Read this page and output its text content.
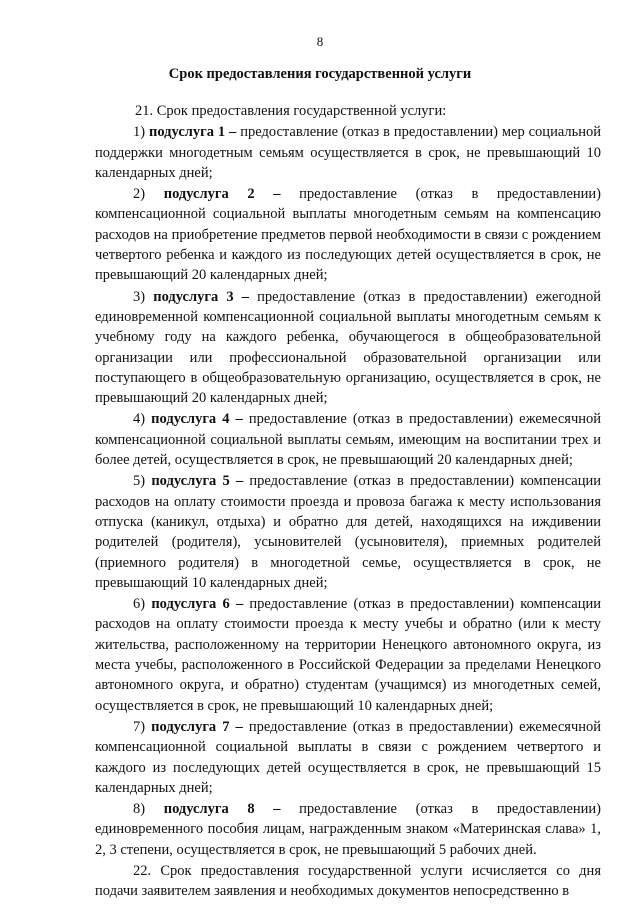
8
Срок предоставления государственной услуги

21. Срок предоставления государственной услуги:

1) подуслуга 1 – предоставление (отказ в предоставлении) мер социальной поддержки многодетным семьям осуществляется в срок, не превышающий 10 календарных дней;

2) подуслуга 2 – предоставление (отказ в предоставлении) компенсационной социальной выплаты многодетным семьям на компенсацию расходов на приобретение предметов первой необходимости в связи с рождением четвертого ребенка и каждого из последующих детей осуществляется в срок, не превышающий 20 календарных дней;

3) подуслуга 3 – предоставление (отказ в предоставлении) ежегодной единовременной компенсационной социальной выплаты многодетным семьям к учебному году на каждого ребенка, обучающегося в общеобразовательной организации или профессиональной образовательной организации или поступающего в общеобразовательную организацию, осуществляется в срок, не превышающий 20 календарных дней;

4) подуслуга 4 – предоставление (отказ в предоставлении) ежемесячной компенсационной социальной выплаты семьям, имеющим на воспитании трех и более детей, осуществляется в срок, не превышающий 20 календарных дней;

5) подуслуга 5 – предоставление (отказ в предоставлении) компенсации расходов на оплату стоимости проезда и провоза багажа к месту использования отпуска (каникул, отдыха) и обратно для детей, находящихся на иждивении родителей (родителя), усыновителей (усыновителя), приемных родителей (приемного родителя) в многодетной семье, осуществляется в срок, не превышающий 10 календарных дней;

6) подуслуга 6 – предоставление (отказ в предоставлении) компенсации расходов на оплату стоимости проезда к месту учебы и обратно (или к месту жительства, расположенному на территории Ненецкого автономного округа, из места учебы, расположенного в Российской Федерации за пределами Ненецкого автономного округа, и обратно) студентам (учащимся) из многодетных семей, осуществляется в срок, не превышающий 10 календарных дней;

7) подуслуга 7 – предоставление (отказ в предоставлении) ежемесячной компенсационной социальной выплаты в связи с рождением четвертого и каждого из последующих детей осуществляется в срок, не превышающий 15 календарных дней;

8) подуслуга 8 – предоставление (отказ в предоставлении) единовременного пособия лицам, награжденным знаком «Материнская слава» 1, 2, 3 степени, осуществляется в срок, не превышающий 5 рабочих дней.

22. Срок предоставления государственной услуги исчисляется со дня подачи заявителем заявления и необходимых документов непосредственно в
